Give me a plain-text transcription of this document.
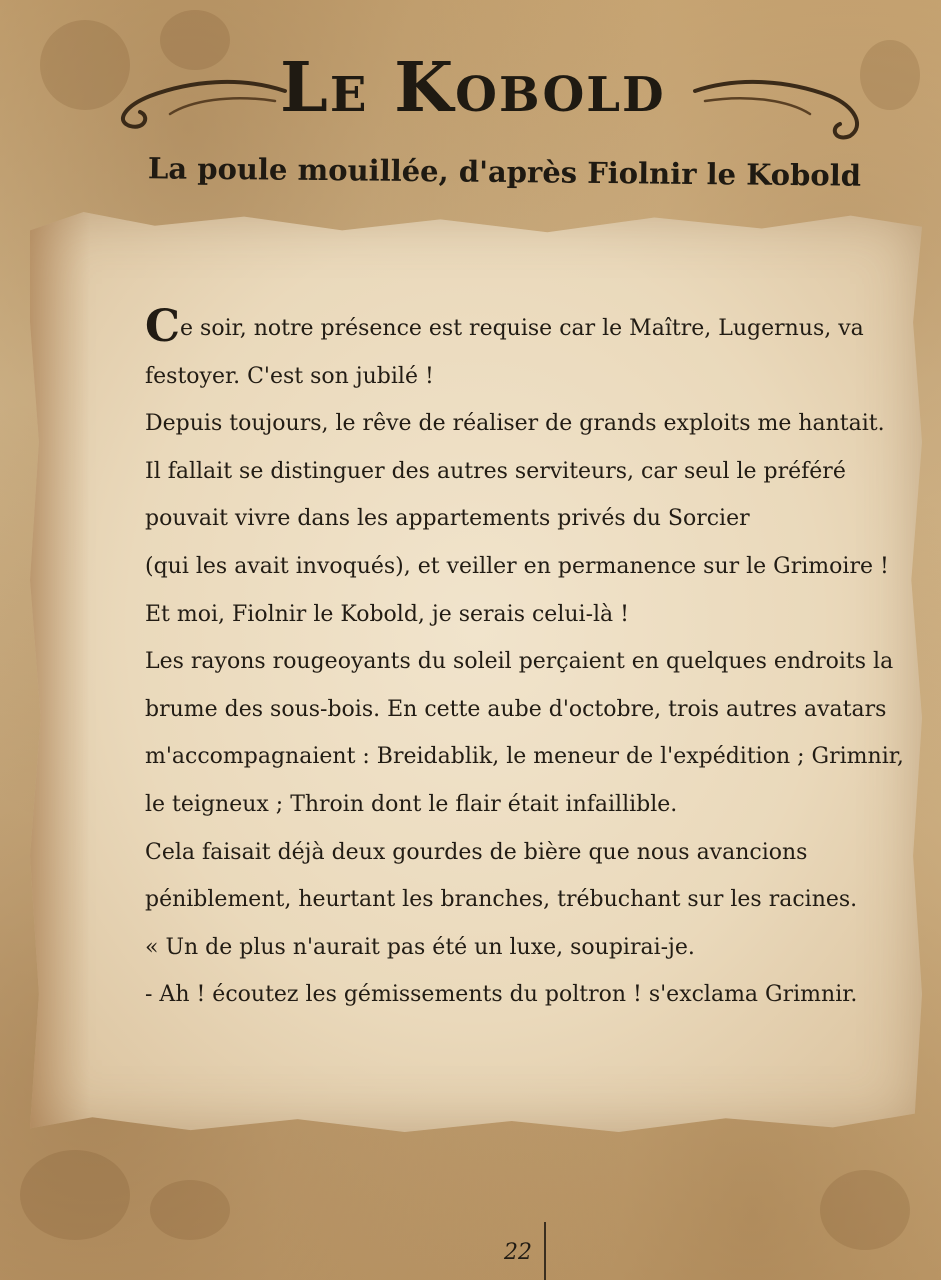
Le Kobold
La poule mouillée, d'après Fiolnir le Kobold
Ce soir, notre présence est requise car le Maître, Lugernus, va
festoyer. C'est son jubilé !
Depuis toujours, le rêve de réaliser de grands exploits me hantait.
Il fallait se distinguer des autres serviteurs, car seul le préféré
pouvait vivre dans les appartements privés du Sorcier
(qui les avait invoqués), et veiller en permanence sur le Grimoire !
Et moi, Fiolnir le Kobold, je serais celui-là !
Les rayons rougeoyants du soleil perçaient en quelques endroits la
brume des sous-bois. En cette aube d'octobre, trois autres avatars
m'accompagnaient : Breidablik, le meneur de l'expédition ; Grimnir,
le teigneux ; Throin dont le flair était infaillible.
Cela faisait déjà deux gourdes de bière que nous avancions
péniblement, heurtant les branches, trébuchant sur les racines.
« Un de plus n'aurait pas été un luxe, soupirai-je.
- Ah ! écoutez les gémissements du poltron ! s'exclama Grimnir.
22
